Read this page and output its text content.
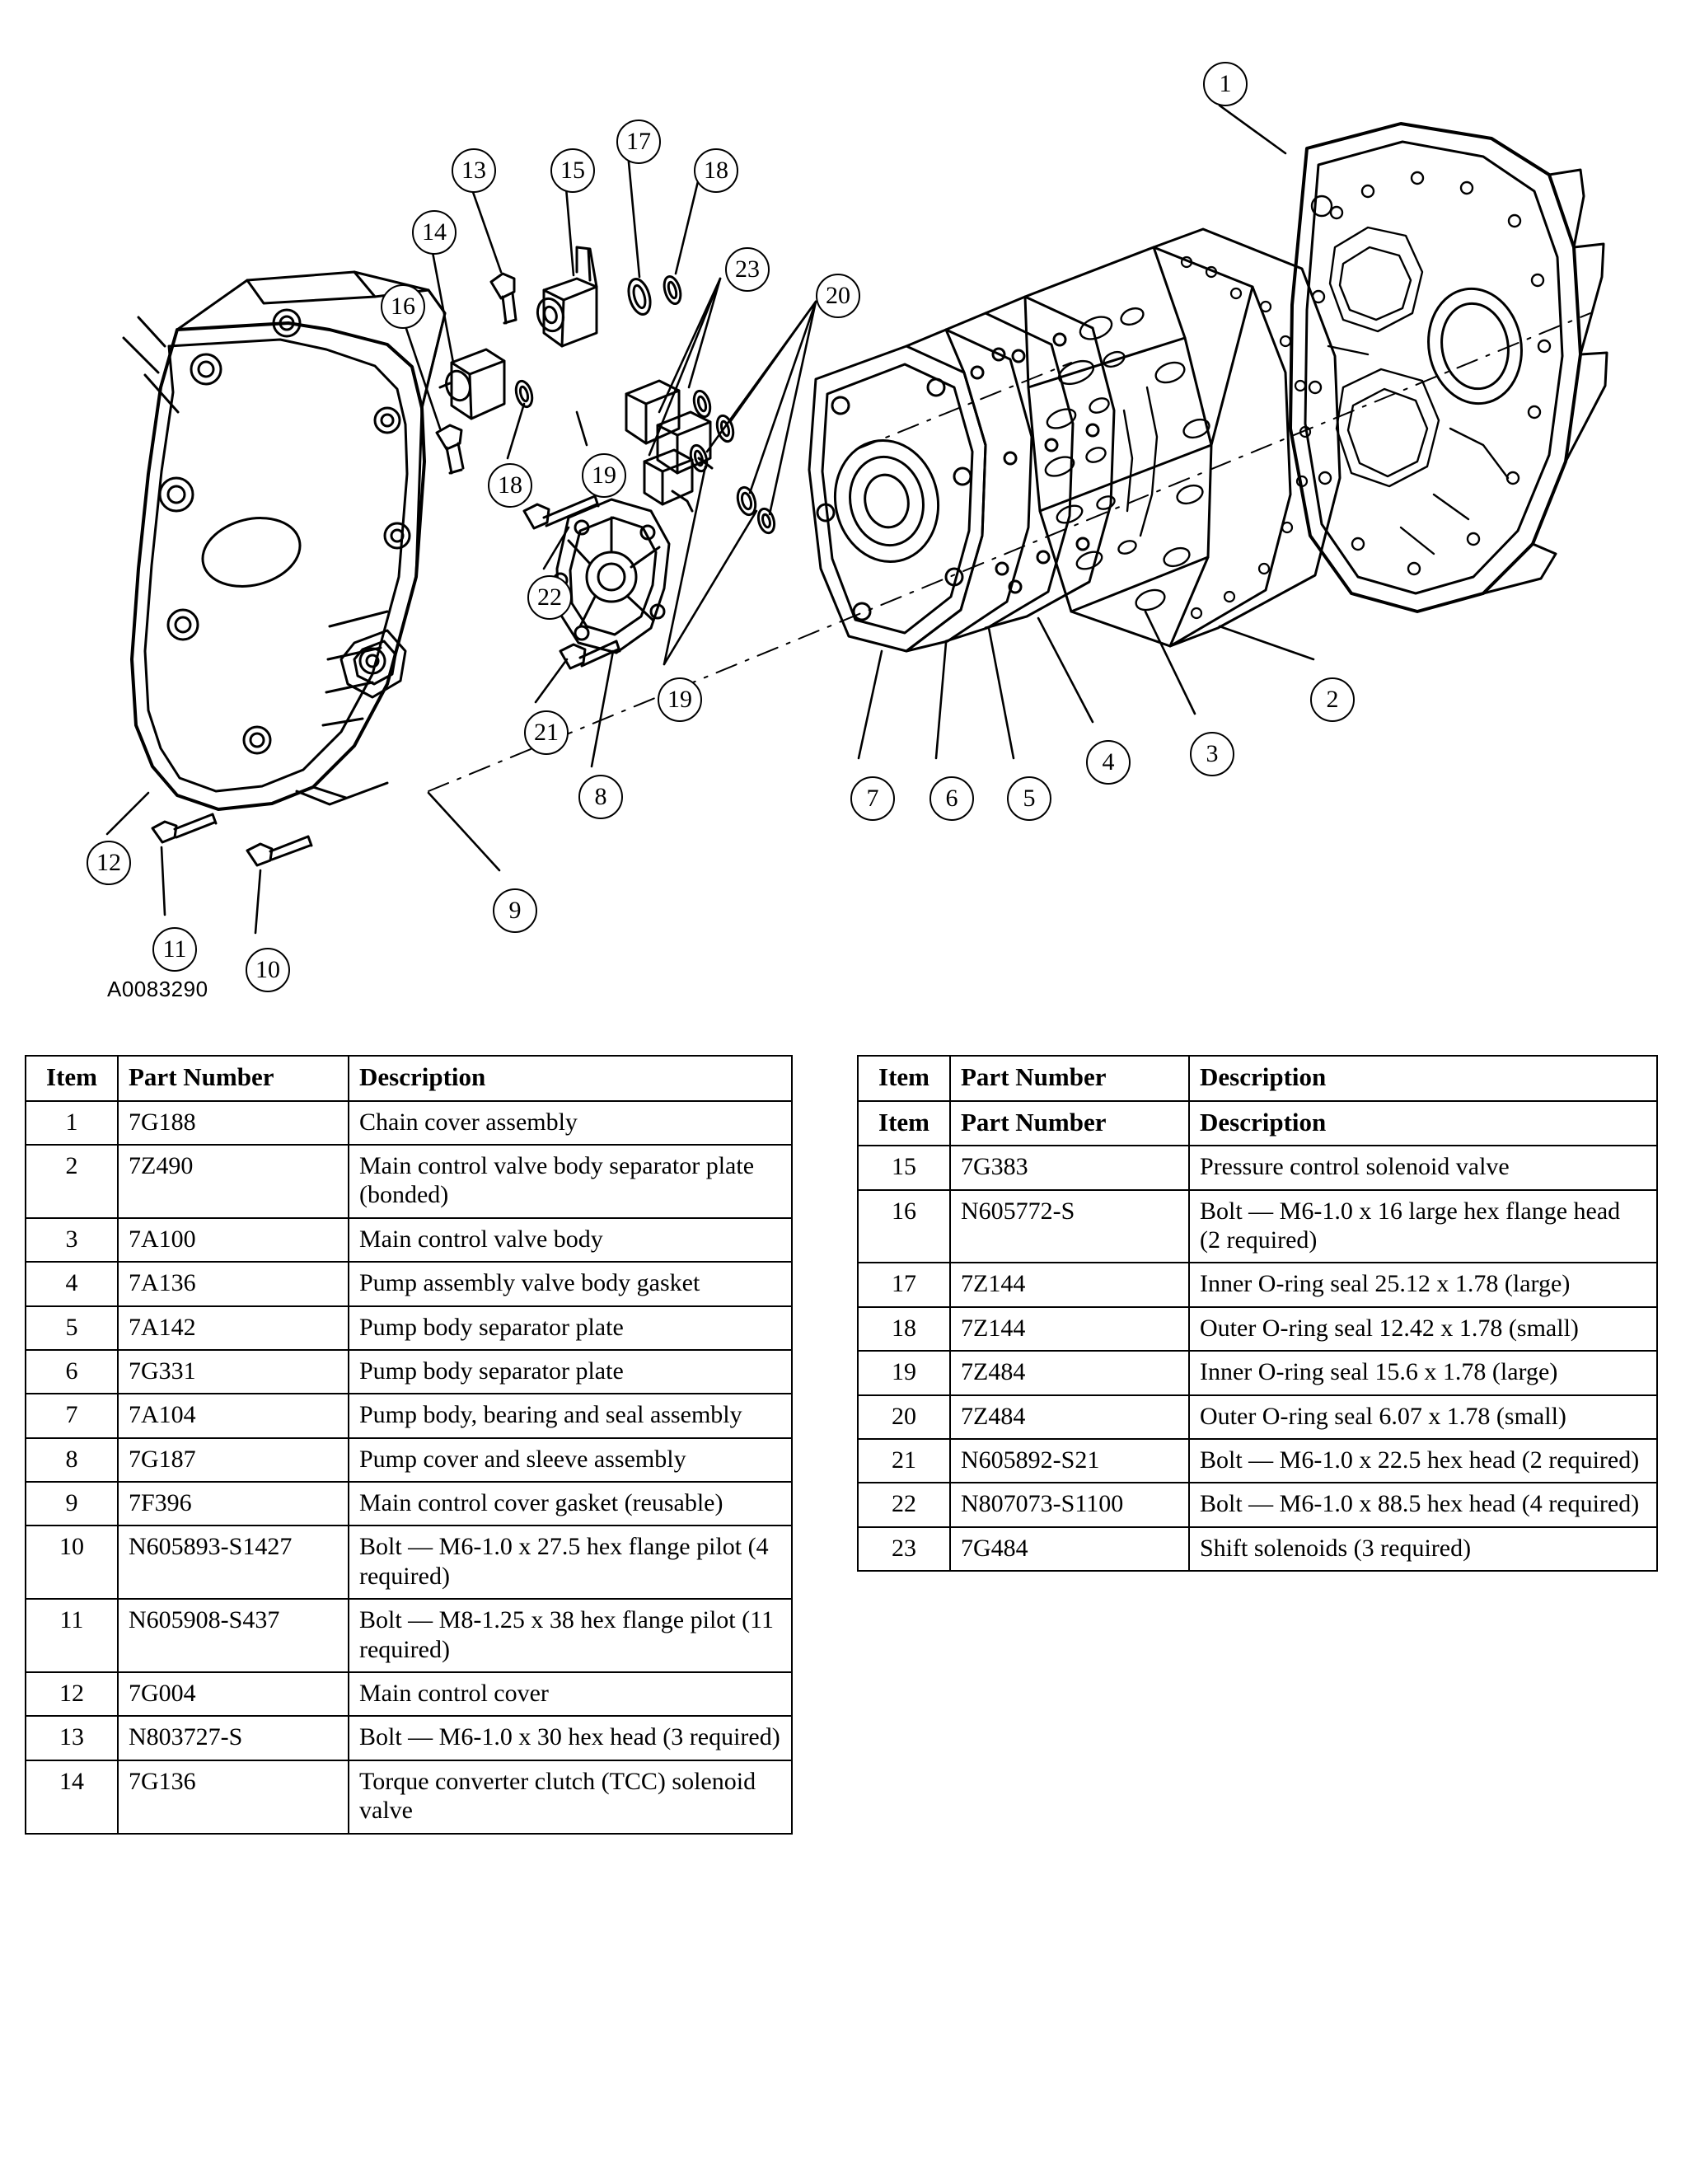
1
13	15
17
18
14
23
20
16
18	19
22
19
21
8
12
11
10
9
7	6	5
4	3
2
A0083290
Item	Part Number	Description
1	7G188	Chain cover assembly
2	7Z490	Main control valve body separator plate (bonded)
3	7A100	Main control valve body
4	7A136	Pump assembly valve body gasket
5	7A142	Pump body separator plate
6	7G331	Pump body separator plate
7	7A104	Pump body, bearing and seal assembly
8	7G187	Pump cover and sleeve assembly
9	7F396	Main control cover gasket (reusable)
10	N605893-S1427	Bolt — M6-1.0 x 27.5 hex flange pilot (4 required)
11	N605908-S437	Bolt — M8-1.25 x 38 hex flange pilot (11 required)
12	7G004	Main control cover
13	N803727-S	Bolt — M6-1.0 x 30 hex head (3 required)
14	7G136	Torque converter clutch (TCC) solenoid valve
Item	Part Number	Description
Item	Part Number	Description
15	7G383	Pressure control solenoid valve
16	N605772-S	Bolt — M6-1.0 x 16 large hex flange head (2 required)
17	7Z144	Inner O-ring seal 25.12 x 1.78 (large)
18	7Z144	Outer O-ring seal 12.42 x 1.78 (small)
19	7Z484	Inner O-ring seal 15.6 x 1.78 (large)
20	7Z484	Outer O-ring seal 6.07 x 1.78 (small)
21	N605892-S21	Bolt — M6-1.0 x 22.5 hex head (2 required)
22	N807073-S1100	Bolt — M6-1.0 x 88.5 hex head (4 required)
23	7G484	Shift solenoids (3 required)
